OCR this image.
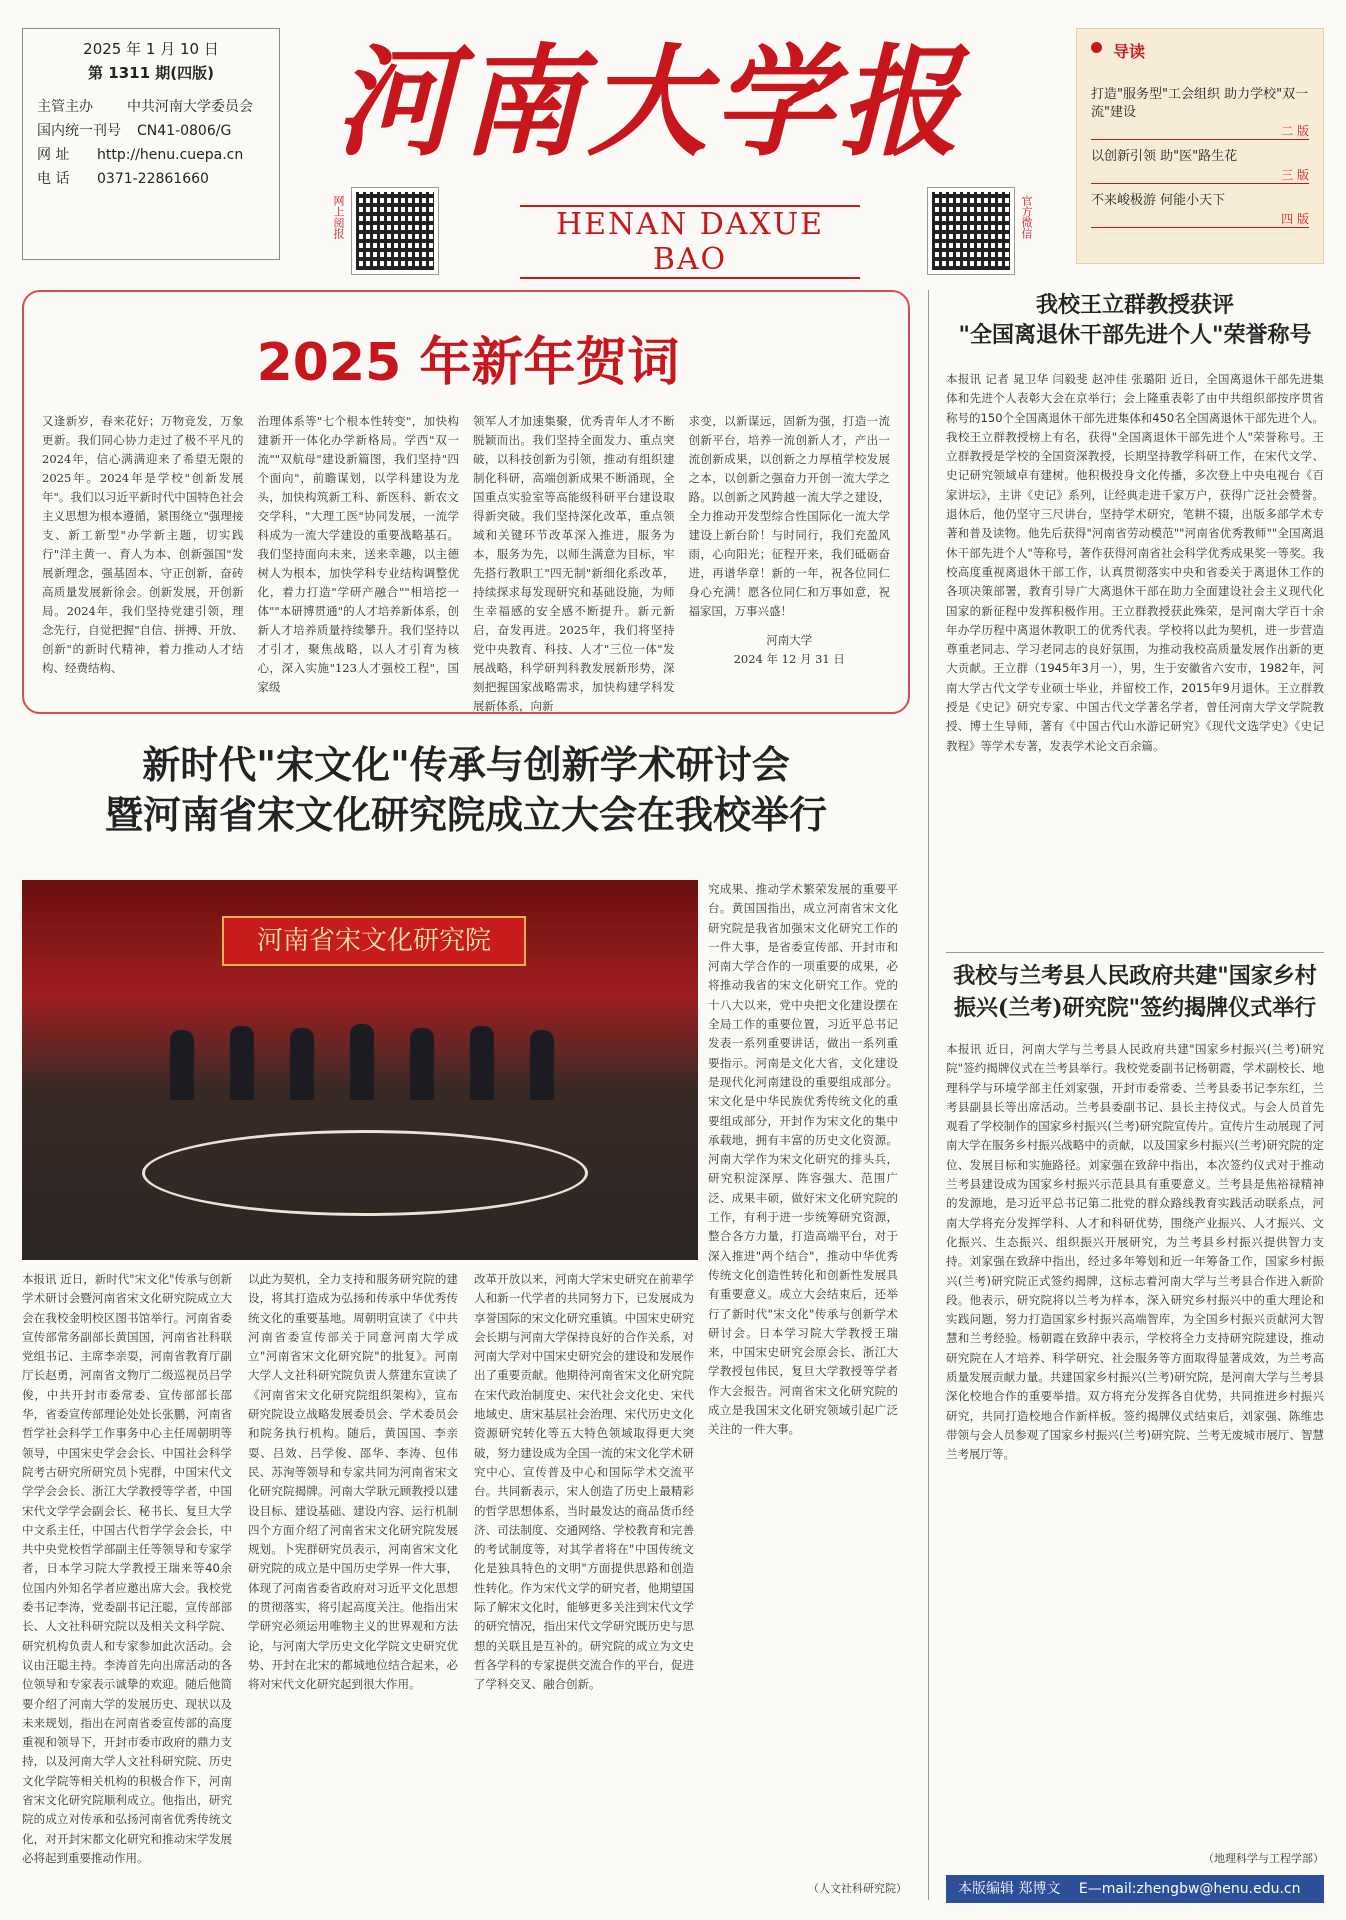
2025 年 1 月 10 日
第 1311 期(四版)
主管主办	中共河南大学委员会
国内统一刊号	CN41-0806/G
网 址	http://henu.cuepa.cn
电 话	0371-22861660
河南大学报
网上阅报	HENAN DAXUE BAO
官方微信
导读
打造"服务型"工会组织 助力学校"双一流"建设
二 版
以创新引领 助"医"路生花
三 版
不来峻极游 何能小天下
四 版
2025 年新年贺词
又逢新岁，春来花好；万物竞发，万象更新。我们同心协力走过了极不平凡的2024年，信心满满迎来了希望无限的2025年。2024年是学校"创新发展年"。我们以习近平新时代中国特色社会主义思想为根本遵循，紧围绕立"强理接支、新工新型"办学新主题，切实践行"洋主黄一、育人为本、创新强国"发展新理念，强基固本、守正创新，奋砖高质量发展新徐会。创新发展，开创新局。2024年，我们坚持党建引领，理念先行，自觉把握"自信、拼搏、开放、创新"的新时代精神，着力推动人才结构、经费结构、
治理体系等"七个根本性转变"，加快构建新开一体化办学新格局。学西"双一流""双航母"建设新篇图，我们坚持"四个面向"，前瞻谋划，以学科建设为龙头，加快构筑新工科、新医科、新农文交学科，"大理工医"协同发展，一流学科成为一流大学建设的重要战略基石。我们坚持面向未来，送来幸趣，以主德树人为根本，加快学科专业结构调整优化，着力打造"学研产融合""相培挖一体""本研博贯通"的人才培养新体系，创新人才培养质量持续攀升。我们坚持以才引才，聚焦战略，以人才引育为核心，深入实施"123人才强校工程"，国家级
领军人才加速集聚，优秀青年人才不断脱颖而出。我们坚持全面发力、重点突破，以科技创新为引领，推动有组织建制化科研，高端创新成果不断涌现，全国重点实验室等高能级科研平台建设取得新突破。我们坚持深化改革，重点领域和关键环节改革深入推进，服务为本，服务为先，以师生满意为目标，牢先搭行教职工"四无制"新细化系改革，持续探求每发现研究和基础设施，为师生幸福感的安全感不断提升。新元新启，奋发再进。2025年，我们将坚持党中央教育、科技、人才"三位一体"发展战略，科学研判科教发展新形势，深刻把握国家战略需求，加快构建学科发展新体系，向新
求变，以新谋远，固新为强，打造一流创新平台，培养一流创新人才，产出一流创新成果，以创新之力厚植学校发展之本，以创新之强奋力开创一流大学之路。以创新之风跨越一流大学之建设，全力推动开发型综合性国际化一流大学建设上新台阶！与时同行，我们充盈风雨，心向阳光；征程开来，我们砥砺奋进，再谱华章！新的一年，祝各位同仁身心充满！愿各位同仁和万事如意，祝福家国，万事兴盛！
河南大学
2024 年 12 月 31 日
新时代"宋文化"传承与创新学术研讨会
暨河南省宋文化研究院成立大会在我校举行
河南省宋文化研究院
究成果、推动学术繁荣发展的重要平台。黄国国指出，成立河南省宋文化研究院是我省加强宋文化研究工作的一件大事，是省委宣传部、开封市和河南大学合作的一项重要的成果，必将推动我省的宋文化研究工作。党的十八大以来，党中央把文化建设摆在全局工作的重要位置，习近平总书记发表一系列重要讲话，做出一系列重要指示。河南是文化大省，文化建设是现代化河南建设的重要组成部分。宋文化是中华民族优秀传统文化的重要组成部分，开封作为宋文化的集中承载地，拥有丰富的历史文化资源。河南大学作为宋文化研究的排头兵，研究积淀深厚、阵容强大、范围广泛、成果丰硕，做好宋文化研究院的工作，有利于进一步统筹研究资源，整合各方力量，打造高端平台，对于深入推进"两个结合"，推动中华优秀传统文化创造性转化和创新性发展具有重要意义。成立大会结束后，还举行了新时代"宋文化"传承与创新学术研讨会。日本学习院大学教授王瑞来，中国宋史研究会原会长、浙江大学教授包伟民，复旦大学教授等学者作大会报告。河南省宋文化研究院的成立是我国宋文化研究领域引起广泛关注的一件大事。
（人文社科研究院）
本报讯 近日，新时代"宋文化"传承与创新学术研讨会暨河南省宋文化研究院成立大会在我校金明校区图书馆举行。河南省委宣传部常务副部长黄国国，河南省社科联党组书记、主席李亲耍，河南省教育厅副厅长赵勇，河南省文物厅二级巡视员吕学俊，中共开封市委常委、宣传部部长邵华，省委宣传部理论处处长张鹏，河南省哲学社会科学工作事务中心主任周朝明等领导，中国宋史学会会长、中国社会科学院考古研究所研究员卜宪群，中国宋代文学学会会长、浙江大学教授等学者，中国宋代文学学会副会长、秘书长、复旦大学中文系主任，中国古代哲学学会会长，中共中央党校哲学部副主任等领导和专家学者，日本学习院大学教授王瑞来等40余位国内外知名学者应邀出席大会。我校党委书记李涛，党委副书记汪聪，宣传部部长、人文社科研究院以及相关文科学院、研究机构负责人和专家参加此次活动。会议由汪聪主持。李涛首先向出席活动的各位领导和专家表示诚挚的欢迎。随后他简要介绍了河南大学的发展历史、现状以及未来规划，指出在河南省委宣传部的高度重视和领导下，开封市委市政府的鼎力支持，以及河南大学人文社科研究院、历史文化学院等相关机构的积极合作下，河南省宋文化研究院顺利成立。他指出，研究院的成立对传承和弘扬河南省优秀传统文化，对开封宋都文化研究和推动宋学发展必将起到重要推动作用。
以此为契机，全力支持和服务研究院的建设，将其打造成为弘扬和传承中华优秀传统文化的重要基地。周朝明宣读了《中共河南省委宣传部关于同意河南大学成立"河南省宋文化研究院"的批复》。河南大学人文社科研究院负责人蔡建东宣读了《河南省宋文化研究院组织架构》，宣布研究院设立战略发展委员会、学术委员会和院务执行机构。随后，黄国国、李亲耍、吕效、吕学俊、邵华、李涛、包伟民、苏洵等领导和专家共同为河南省宋文化研究院揭牌。河南大学耿元顾教授以建设目标、建设基础、建设内容、运行机制四个方面介绍了河南省宋文化研究院发展规划。卜宪群研究员表示，河南省宋文化研究院的成立是中国历史学界一件大事，体现了河南省委省政府对习近平文化思想的贯彻落实，将引起高度关注。他指出宋学研究必须运用唯物主义的世界观和方法论，与河南大学历史文化学院文史研究优势、开封在北宋的都城地位结合起来，必将对宋代文化研究起到很大作用。
改革开放以来，河南大学宋史研究在前辈学人和新一代学者的共同努力下，已发展成为享誉国际的宋文化研究重镇。中国宋史研究会长期与河南大学保持良好的合作关系，对河南大学对中国宋史研究会的建设和发展作出了重要贡献。他期待河南省宋文化研究院在宋代政治制度史、宋代社会文化史、宋代地域史、唐宋基层社会治理、宋代历史文化资源研究转化等五大特色领域取得更大突破，努力建设成为全国一流的宋文化学术研究中心、宣传普及中心和国际学术交流平台。共同新表示，宋人创造了历史上最精彩的哲学思想体系，当时最发达的商品货币经济、司法制度、交通网络、学校教育和完善的考试制度等，对其学者将在"中国传统文化是独具特色的文明"方面提供思路和创造性转化。作为宋代文学的研究者，他期望国际了解宋文化时，能够更多关注到宋代文学的研究情况，指出宋代文学研究既历史与思想的关联且是互补的。研究院的成立为文史哲各学科的专家提供交流合作的平台，促进了学科交叉、融合创新。
我校王立群教授获评
"全国离退休干部先进个人"荣誉称号
本报讯 记者 晁卫华 闫毅斐 赵冲佳 张璐阳 近日，全国离退休干部先进集体和先进个人表彰大会在京举行；会上隆重表彰了由中共组织部按序贯省称号的150个全国离退休干部先进集体和450名全国离退休干部先进个人。我校王立群教授榜上有名，获得"全国离退休干部先进个人"荣誉称号。王立群教授是学校的全国资深教授，长期坚持教学科研工作，在宋代文学、史记研究领域卓有建树。他积极投身文化传播，多次登上中央电视台《百家讲坛》，主讲《史记》系列，让经典走进千家万户，获得广泛社会赞誉。退休后，他仍坚守三尺讲台，坚持学术研究，笔耕不辍，出版多部学术专著和普及读物。他先后获得"河南省劳动模范""河南省优秀教师""全国离退休干部先进个人"等称号，著作获得河南省社会科学优秀成果奖一等奖。我校高度重视离退休干部工作，认真贯彻落实中央和省委关于离退休工作的各项决策部署，教育引导广大离退休干部在助力全面建设社会主义现代化国家的新征程中发挥积极作用。王立群教授获此殊荣，是河南大学百十余年办学历程中离退休教职工的优秀代表。学校将以此为契机，进一步营造尊重老同志、学习老同志的良好氛围，为推动我校高质量发展作出新的更大贡献。王立群（1945年3月一），男，生于安徽省六安市，1982年，河南大学古代文学专业硕士毕业，并留校工作，2015年9月退休。王立群教授是《史记》研究专家、中国古代文学著名学者，曾任河南大学文学院教授、博士生导师，著有《中国古代山水游记研究》《现代文选学史》《史记教程》等学术专著，发表学术论文百余篇。
我校与兰考县人民政府共建"国家乡村
振兴(兰考)研究院"签约揭牌仪式举行
本报讯 近日，河南大学与兰考县人民政府共建"国家乡村振兴(兰考)研究院"签约揭牌仪式在兰考县举行。我校党委副书记杨朝霞，学术副校长、地理科学与环境学部主任刘家强，开封市委常委、兰考县委书记李东红，兰考县副县长等出席活动。兰考县委副书记、县长主持仪式。与会人员首先观看了学校制作的国家乡村振兴(兰考)研究院宣传片。宣传片生动展现了河南大学在服务乡村振兴战略中的贡献，以及国家乡村振兴(兰考)研究院的定位、发展目标和实施路径。刘家强在致辞中指出，本次签约仪式对于推动兰考县建设成为国家乡村振兴示范县具有重要意义。兰考县是焦裕禄精神的发源地，是习近平总书记第二批党的群众路线教育实践活动联系点，河南大学将充分发挥学科、人才和科研优势，围绕产业振兴、人才振兴、文化振兴、生态振兴、组织振兴开展研究，为兰考县乡村振兴提供智力支持。刘家强在致辞中指出，经过多年筹划和近一年筹备工作，国家乡村振兴(兰考)研究院正式签约揭牌，这标志着河南大学与兰考县合作进入新阶段。他表示，研究院将以兰考为样本，深入研究乡村振兴中的重大理论和实践问题，努力打造国家乡村振兴高端智库，为全国乡村振兴贡献河大智慧和兰考经验。杨朝霞在致辞中表示，学校将全力支持研究院建设，推动研究院在人才培养、科学研究、社会服务等方面取得显著成效，为兰考高质量发展贡献力量。共建国家乡村振兴(兰考)研究院，是河南大学与兰考县深化校地合作的重要举措。双方将充分发挥各自优势，共同推进乡村振兴研究，共同打造校地合作新样板。签约揭牌仪式结束后，刘家强、陈维忠带领与会人员参观了国家乡村振兴(兰考)研究院、兰考无废城市展厅、智慧兰考展厅等。
（地理科学与工程学部）
本版编辑 郑博文 E—mail:zhengbw@henu.edu.cn
